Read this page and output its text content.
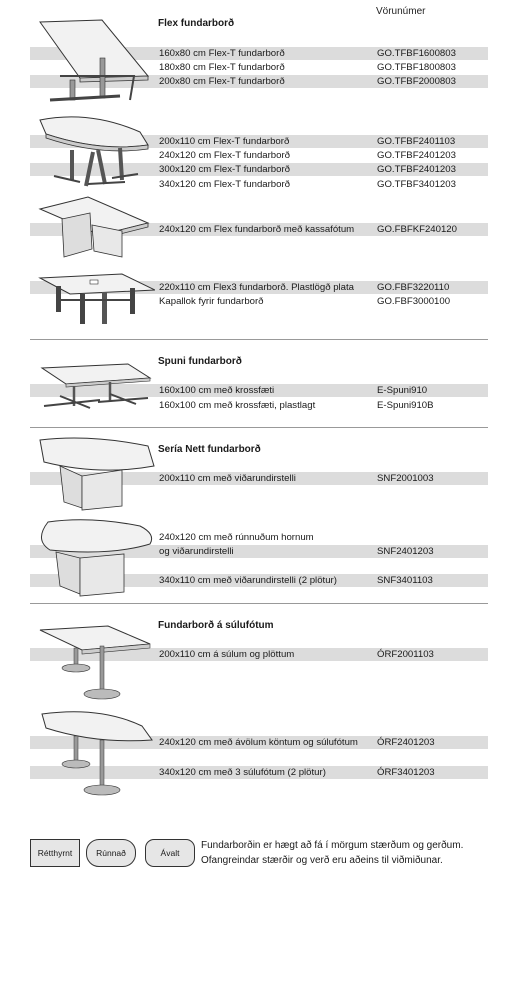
Vörunúmer
Flex fundarborð
160x80 cm Flex-T fundarborð	GO.TFBF1600803
180x80 cm Flex-T fundarborð	GO.TFBF1800803
200x80 cm Flex-T fundarborð	GO.TFBF2000803
200x110 cm Flex-T fundarborð	GO.TFBF2401103
240x120 cm Flex-T fundarborð	GO.TFBF2401203
300x120 cm Flex-T fundarborð	GO.TFBF2401203
340x120 cm Flex-T fundarborð	GO.TFBF3401203
240x120 cm Flex fundarborð með kassafótum GO.FBFKF240120
220x110 cm Flex3 fundarborð. Plastlögð plata GO.FBF3220110
Kapallok fyrir fundarborð	GO.FBF3000100
Spuni fundarborð
160x100 cm með krossfæti	E-Spuni910
160x100 cm með krossfæti, plastlagt	E-Spuni910B
Sería Nett fundarborð
200x110 cm með viðarundirstelli	SNF2001003
240x120 cm með rúnnuðum hornum
og viðarundirstelli	SNF2401203
340x110 cm með viðarundirstelli (2 plötur)	SNF3401103
Fundarborð á súlufótum
200x110 cm á súlum og plöttum	ÓRF2001103
240x120 cm með ávölum köntum og súlufótum ÓRF2401203
340x120 cm með 3 súlufótum (2 plötur)	ÓRF3401203
Rétthyrnt	Rúnnað	Ávalt
Fundarborðin er hægt að fá í mörgum stærðum og gerðum.
Ofangreindar stærðir og verð eru aðeins til viðmiðunar.
